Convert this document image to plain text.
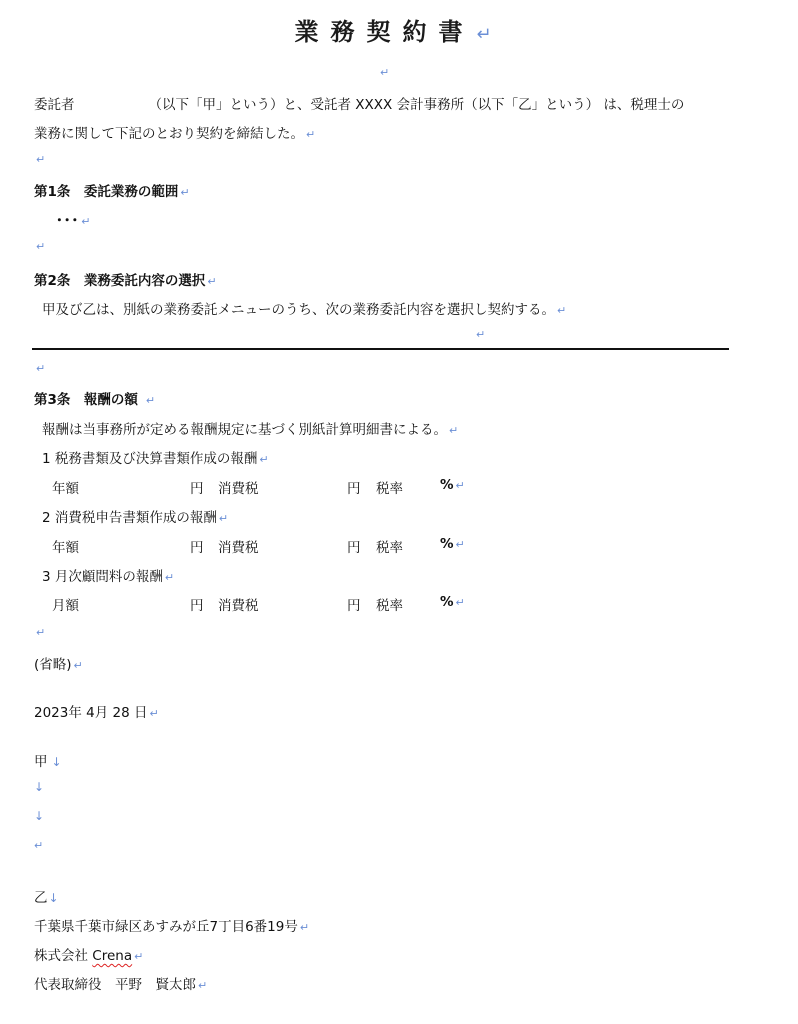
業務契約書 ↵
↵
委託者	（以下「甲」という）と、受託者 XXXX 会計事務所（以下「乙」という） は、税理士の
業務に関して下記のとおり契約を締結した。 ↵
↵
第1条　委託業務の範囲 ↵
･･･ ↵
↵
第2条　業務委託内容の選択 ↵
甲及び乙は、別紙の業務委託メニューのうち、次の業務委託内容を選択し契約する。 ↵
↵
↵
第3条　報酬の額 ↵
報酬は当事務所が定める報酬規定に基づく別紙計算明細書による。 ↵
1 税務書類及び決算書類作成の報酬 ↵
年額	円 消費税	円 税率	% ↵
2 消費税申告書類作成の報酬 ↵
年額	円 消費税	円 税率	% ↵
3 月次顧問料の報酬 ↵
月額	円 消費税	円 税率	% ↵
↵
(省略) ↵
2023年 4月 28 日 ↵
甲 ↓
↓
↓
↵
乙↓
千葉県千葉市緑区あすみが丘7丁目6番19号 ↵
株式会社 Crena ↵
代表取締役　平野　賢太郎 ↵
